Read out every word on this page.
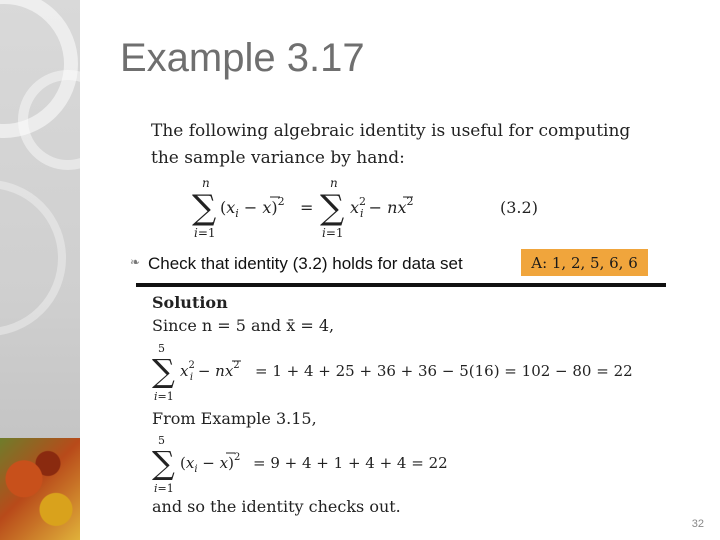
Example 3.17
The following algebraic identity is useful for computing
the sample variance by hand:
n
∑
i=1
$(x_i - x)^2$ =
n
∑
i=1
$x^2$ $i - nx^2$	(3.2)
❧ Check that identity (3.2) holds for data set	A: 1, 2, 5, 6, 6
Solution
Since n = 5 and x̄ = 4,
5
∑
i=1
$x^2$ $i - nx^2 = 1 + 4 + 25 + 36 + 36 - 5(16) = 102 - 80 = 22$
From Example 3.15,
5
∑
i=1
$(x_i - x)^2 = 9 + 4 + 1 + 4 + 4 = 22$
and so the identity checks out.
32
